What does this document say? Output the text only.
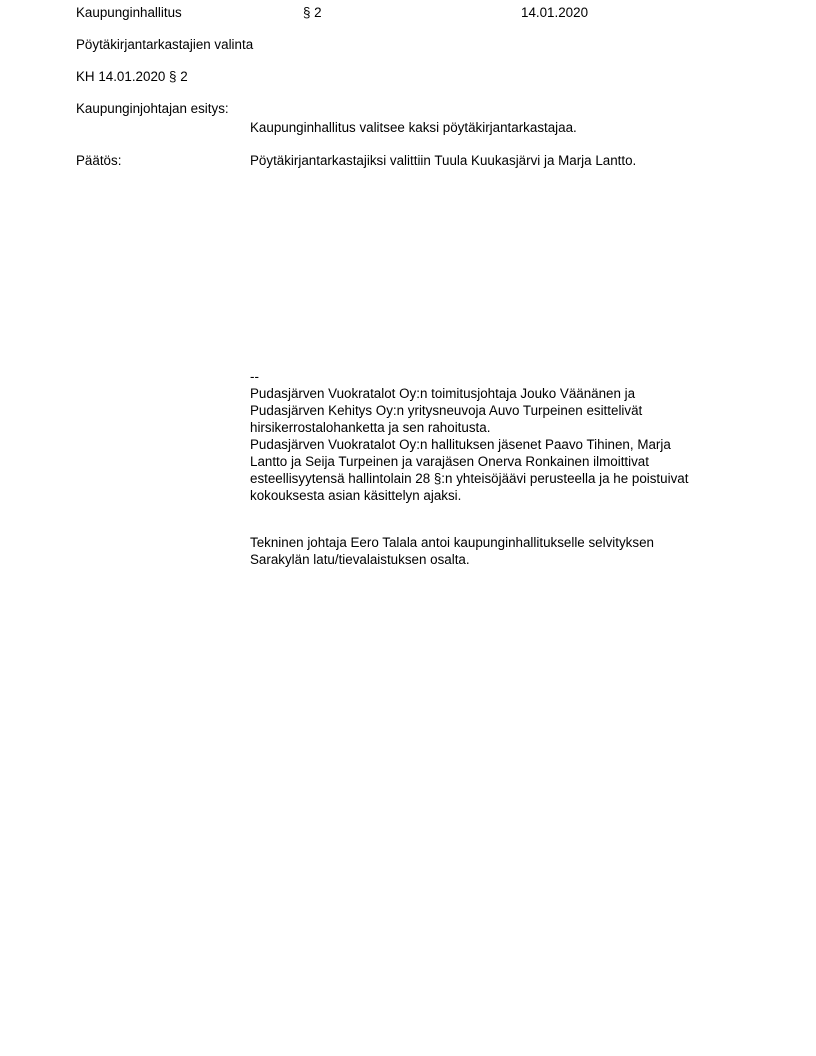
Kaupunginhallitus	§ 2	14.01.2020
Pöytäkirjantarkastajien valinta
KH 14.01.2020 § 2
Kaupunginjohtajan esitys:
Kaupunginhallitus valitsee kaksi pöytäkirjantarkastajaa.
Päätös:	Pöytäkirjantarkastajiksi valittiin Tuula Kuukasjärvi ja Marja Lantto.
--
Pudasjärven Vuokratalot Oy:n toimitusjohtaja Jouko Väänänen ja
Pudasjärven Kehitys Oy:n yritysneuvoja Auvo Turpeinen esittelivät
hirsikerrostalohanketta ja sen rahoitusta.
Pudasjärven Vuokratalot Oy:n hallituksen jäsenet Paavo Tihinen, Marja
Lantto ja Seija Turpeinen ja varajäsen Onerva Ronkainen ilmoittivat
esteellisyytensä hallintolain 28 §:n yhteisöjäävi perusteella ja he poistuivat
kokouksesta asian käsittelyn ajaksi.
Tekninen johtaja Eero Talala antoi kaupunginhallitukselle selvityksen
Sarakylän latu/tievalaistuksen osalta.
